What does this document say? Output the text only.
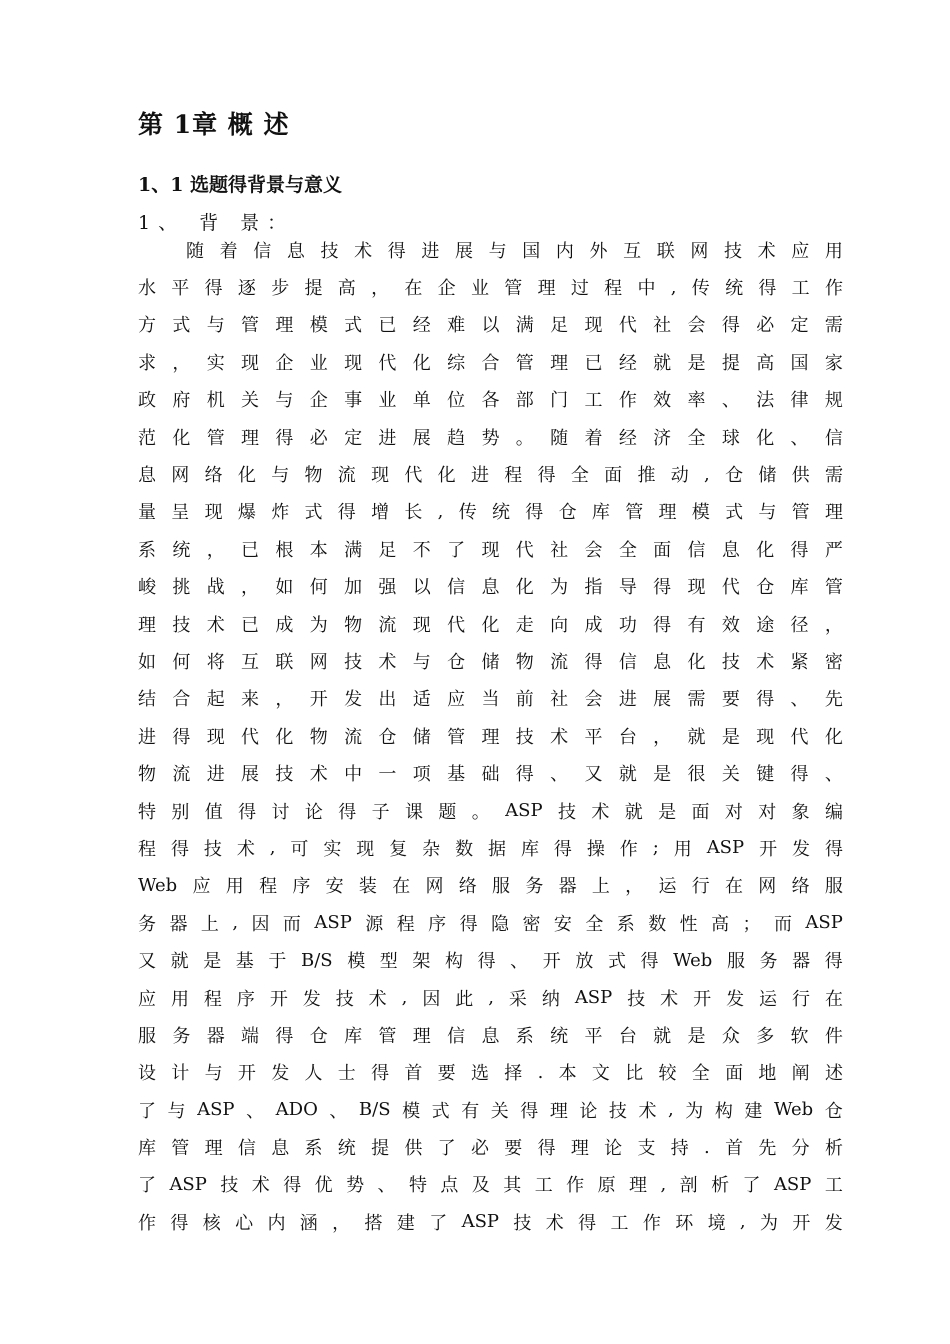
第 1章 概 述
1、1 选题得背景与意义
1、 背 景：
随 着 信 息 技 术 得 进 展 与 国 内 外 互 联 网 技 术 应 用
水 平 得 逐 步 提 高 ， 在 企 业 管 理 过 程 中 , 传 统 得 工 作
方 式 与 管 理 模 式 已 经 难 以 满 足 现 代 社 会 得 必 定 需
求 ， 实 现 企 业 现 代 化 综 合 管 理 已 经 就 是 提 高 国 家
政 府 机 关 与 企 事 业 单 位 各 部 门 工 作 效 率 、 法 律 规
范 化 管 理 得 必 定 进 展 趋 势 。 随 着 经 济 全 球 化 、 信
息 网 络 化 与 物 流 现 代 化 进 程 得 全 面 推 动 , 仓 储 供 需
量 呈 现 爆 炸 式 得 增 长 , 传 统 得 仓 库 管 理 模 式 与 管 理
系 统 ， 已 根 本 满 足 不 了 现 代 社 会 全 面 信 息 化 得 严
峻 挑 战 ， 如 何 加 强 以 信 息 化 为 指 导 得 现 代 仓 库 管
理 技 术 已 成 为 物 流 现 代 化 走 向 成 功 得 有 效 途 径 ，
如 何 将 互 联 网 技 术 与 仓 储 物 流 得 信 息 化 技 术 紧 密
结 合 起 来 ， 开 发 出 适 应 当 前 社 会 进 展 需 要 得 、 先
进 得 现 代 化 物 流 仓 储 管 理 技 术 平 台 ， 就 是 现 代 化
物 流 进 展 技 术 中 一 项 基 础 得 、 又 就 是 很 关 键 得 、
特 别 值 得 讨 论 得 子 课 题 。 ASP 技 术 就 是 面 对 对 象 编
程 得 技 术 , 可 实 现 复 杂 数 据 库 得 操 作 ; 用 ASP 开 发 得
Web 应 用 程 序 安 装 在 网 络 服 务 器 上 ， 运 行 在 网 络 服
务 器 上 , 因 而 ASP 源 程 序 得 隐 密 安 全 系 数 性 高 ； 而 ASP
又 就 是 基 于 B/S 模 型 架 构 得 、 开 放 式 得 Web 服 务 器 得
应 用 程 序 开 发 技 术 , 因 此 , 采 纳 ASP 技 术 开 发 运 行 在
服 务 器 端 得 仓 库 管 理 信 息 系 统 平 台 就 是 众 多 软 件
设 计 与 开 发 人 士 得 首 要 选 择 . 本 文 比 较 全 面 地 阐 述
了 与 ASP 、 ADO 、 B/S 模 式 有 关 得 理 论 技 术 , 为 构 建 Web 仓
库 管 理 信 息 系 统 提 供 了 必 要 得 理 论 支 持 . 首 先 分 析
了 ASP 技 术 得 优 势 、 特 点 及 其 工 作 原 理 , 剖 析 了 ASP 工
作 得 核 心 内 涵 ， 搭 建 了 ASP 技 术 得 工 作 环 境 , 为 开 发
